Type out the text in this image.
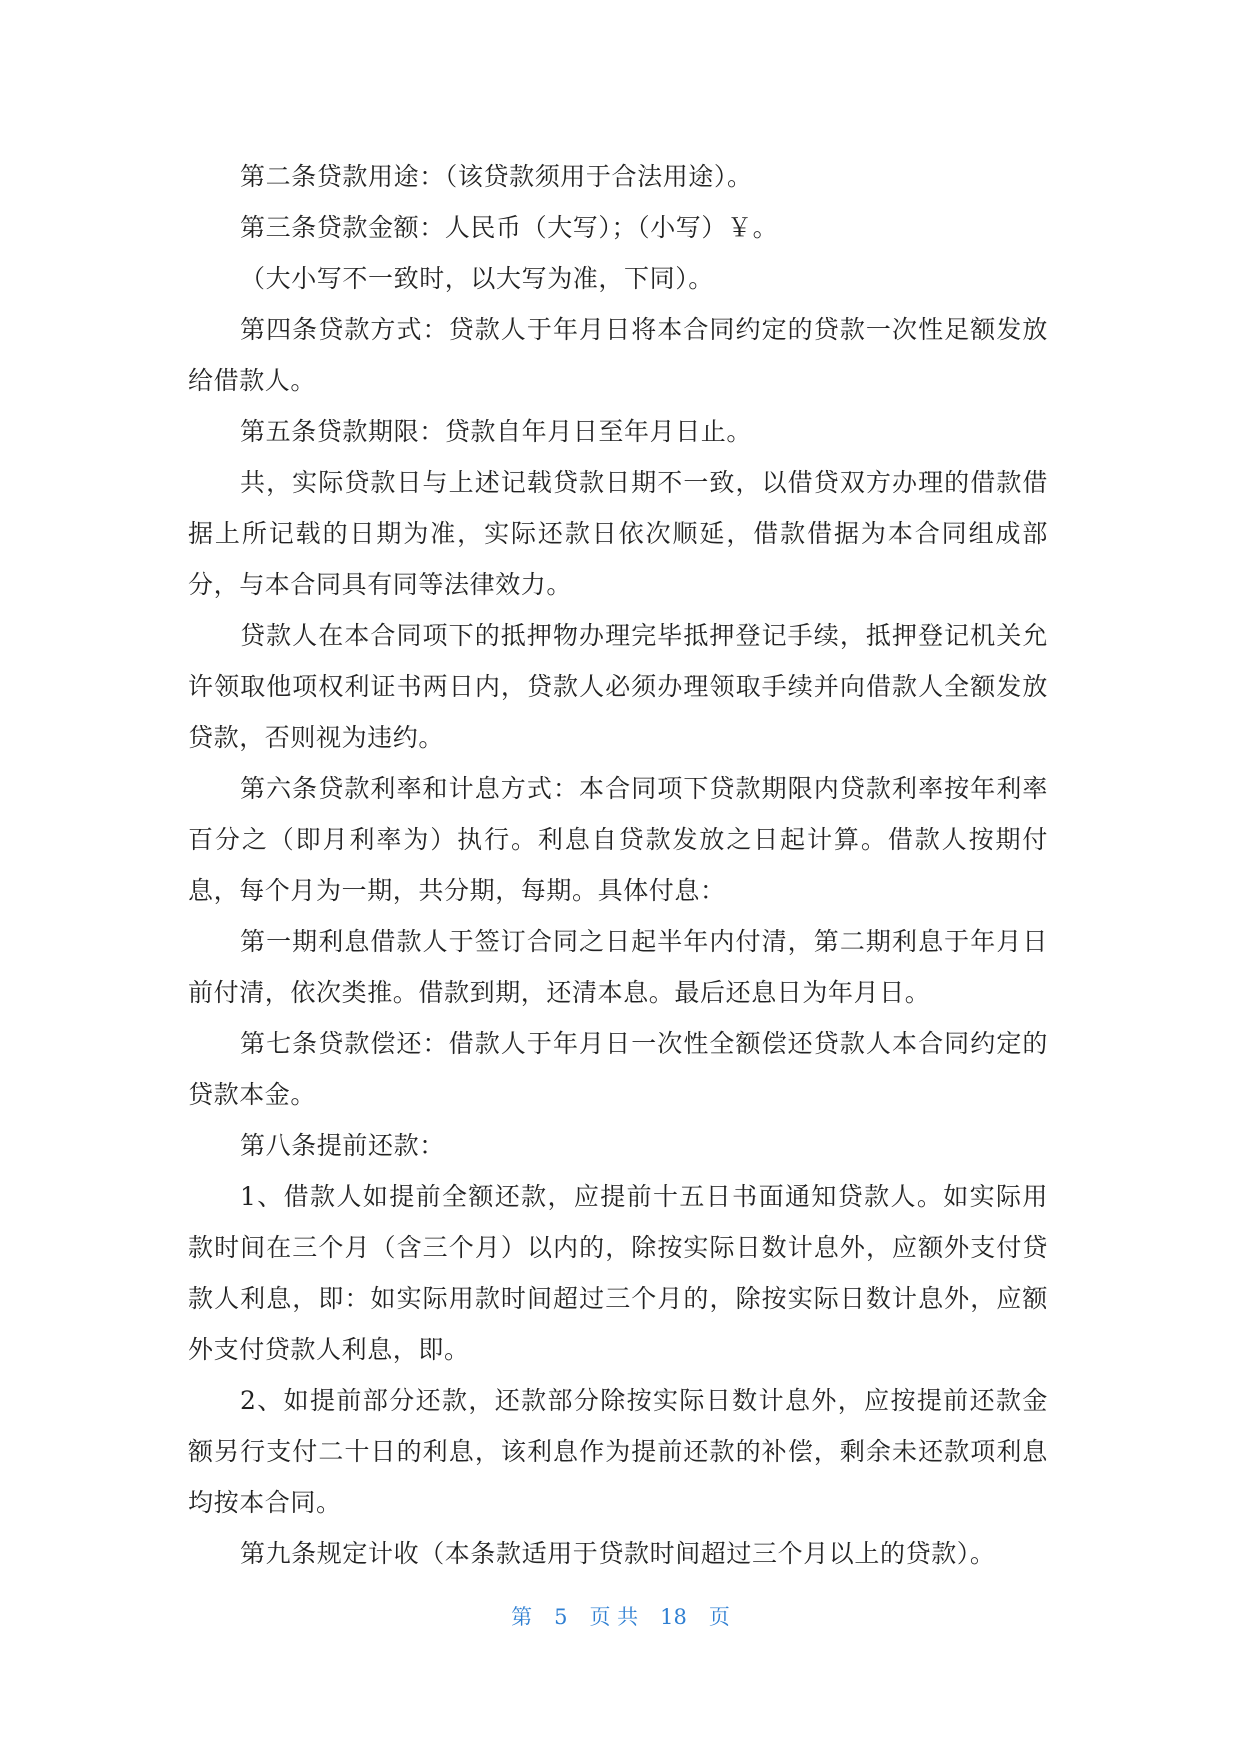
第二条贷款用途：（该贷款须用于合法用途）。

第三条贷款金额：人民币（大写）；（小写）￥。

（大小写不一致时，以大写为准，下同）。

第四条贷款方式：贷款人于年月日将本合同约定的贷款一次性足额发放给借款人。

第五条贷款期限：贷款自年月日至年月日止。

共，实际贷款日与上述记载贷款日期不一致，以借贷双方办理的借款借据上所记载的日期为准，实际还款日依次顺延，借款借据为本合同组成部分，与本合同具有同等法律效力。

贷款人在本合同项下的抵押物办理完毕抵押登记手续，抵押登记机关允许领取他项权利证书两日内，贷款人必须办理领取手续并向借款人全额发放贷款，否则视为违约。

第六条贷款利率和计息方式：本合同项下贷款期限内贷款利率按年利率百分之（即月利率为）执行。利息自贷款发放之日起计算。借款人按期付息，每个月为一期，共分期，每期。具体付息：

第一期利息借款人于签订合同之日起半年内付清，第二期利息于年月日前付清，依次类推。借款到期，还清本息。最后还息日为年月日。

第七条贷款偿还：借款人于年月日一次性全额偿还贷款人本合同约定的贷款本金。

第八条提前还款：

1、借款人如提前全额还款，应提前十五日书面通知贷款人。如实际用款时间在三个月（含三个月）以内的，除按实际日数计息外，应额外支付贷款人利息，即：如实际用款时间超过三个月的，除按实际日数计息外，应额外支付贷款人利息，即。

2、如提前部分还款，还款部分除按实际日数计息外，应按提前还款金额另行支付二十日的利息，该利息作为提前还款的补偿，剩余未还款项利息均按本合同。

第九条规定计收（本条款适用于贷款时间超过三个月以上的贷款）。

第 5 页 共 18 页
